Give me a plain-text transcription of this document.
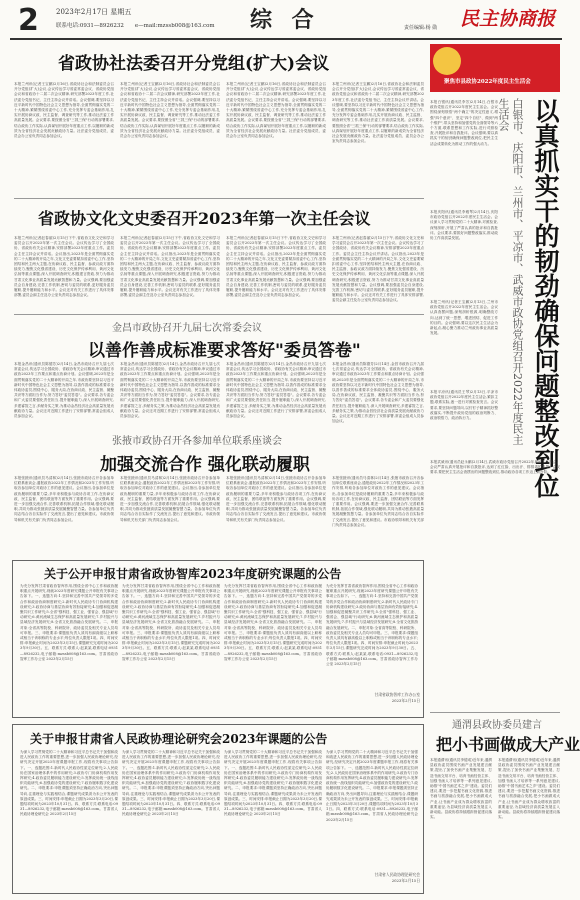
2 2023年2月17日 星期五
联系电话:0931—8926232　　e—mail:mzssb008@163.com 综 合	责任编辑:杨 勋 民主协商报
省政协社法委召开分党组(扩大)会议
本报兰州讯(记者王宝鹏)2月16日,省政协社会和法制委员会召开分党组(扩大)会议,会议传达学习省委常委会议、省政协党组会议和省政协十二届二次会议精神,研究部署2023年度工作,社法委分党组书记、主任主持会议并讲话。会议强调,要坚持以习近平新时代中国特色社会主义思想为指导,全面贯彻落实党的二十大精神,紧紧围绕省委中心工作,充分发挥专委会基础作用,扎实开展协商议政、民主监督、调查研究等工作,推动社法委工作高质量发展。会议要求,要按照全省"三抓三保"行动的部署要求,结合政协工作实际,认真谋划开展好年度重点工作,以履职的新成效为全省经济社会发展贡献政协力量。社法委分党组成员、委员会办公室负责同志参加会议。
本报兰州讯(记者王宝鹏)2月16日,省政协社会和法制委员会召开分党组(扩大)会议,会议传达学习省委常委会议、省政协党组会议和省政协十二届二次会议精神,研究部署2023年度工作,社法委分党组书记、主任主持会议并讲话。会议强调,要坚持以习近平新时代中国特色社会主义思想为指导,全面贯彻落实党的二十大精神,紧紧围绕省委中心工作,充分发挥专委会基础作用,扎实开展协商议政、民主监督、调查研究等工作,推动社法委工作高质量发展。会议要求,要按照全省"三抓三保"行动的部署要求,结合政协工作实际,认真谋划开展好年度重点工作,以履职的新成效为全省经济社会发展贡献政协力量。社法委分党组成员、委员会办公室负责同志参加会议。
本报兰州讯(记者王宝鹏)2月16日,省政协社会和法制委员会召开分党组(扩大)会议,会议传达学习省委常委会议、省政协党组会议和省政协十二届二次会议精神,研究部署2023年度工作,社法委分党组书记、主任主持会议并讲话。会议强调,要坚持以习近平新时代中国特色社会主义思想为指导,全面贯彻落实党的二十大精神,紧紧围绕省委中心工作,充分发挥专委会基础作用,扎实开展协商议政、民主监督、调查研究等工作,推动社法委工作高质量发展。会议要求,要按照全省"三抓三保"行动的部署要求,结合政协工作实际,认真谋划开展好年度重点工作,以履职的新成效为全省经济社会发展贡献政协力量。社法委分党组成员、委员会办公室负责同志参加会议。
本报兰州讯(记者王宝鹏)2月16日,省政协社会和法制委员会召开分党组(扩大)会议,会议传达学习省委常委会议、省政协党组会议和省政协十二届二次会议精神,研究部署2023年度工作,社法委分党组书记、主任主持会议并讲话。会议强调,要坚持以习近平新时代中国特色社会主义思想为指导,全面贯彻落实党的二十大精神,紧紧围绕省委中心工作,充分发挥专委会基础作用,扎实开展协商议政、民主监督、调查研究等工作,推动社法委工作高质量发展。会议要求,要按照全省"三抓三保"行动的部署要求,结合政协工作实际,认真谋划开展好年度重点工作,以履职的新成效为全省经济社会发展贡献政协力量。社法委分党组成员、委员会办公室负责同志参加会议。
聚焦市县政协2022年度民主生活会
以真抓实干的韧劲确保问题整改到位
白银市、庆阳市、兰州市、平凉市、武威市政协党组召开2022年度民主生活会
本报白银讯(通讯员李芳)2月14日,白银市政协党组召开2022年度民主生活会。会议围绕深刻领悟"两个确立"的决定性意义,增强"四个意识"、坚定"四个自信"、做到"两个维护",带头坚持和加强党的全面领导等六个方面,联系思想和工作实际,进行对照检查,开展批评和自我批评。会议强调,要以真抓实干的韧劲确保问题整改到位,把民主生活会成果转化为推动工作的强大动力。
本报庆阳讯(通讯员李雅琴)2月14日,庆阳市政协党组召开2022年度民主生活会。会议深入学习贯彻党的二十大精神,对照检查,深刻剖析,开展了严肃认真的批评和自我批评。会议要求,要抓好问题整改落实,推动政协工作高质量发展。
本报兰州讯(记者王宝鹏)2月13日,兰州市政协党组召开2022年度民主生活会。会议认真查摆问题,深刻剖析根源,明确整改方向,达到了统一思想、增进团结、促进工作的目的。会议强调,要以这次民主生活会为新起点,凝心聚力推动兰州政协事业高质量发展。
本报平凉讯(通讯员王琴)2月13日,平凉市政协党组召开2022年度民主生活会,紧扣主题,联系实际,逐一进行对照检查发言。会议要求,要坚持问题导向,以钉钉子精神抓好整改落实,不断提升政协党组的政治判断力、政治领悟力、政治执行力。
本报武威讯(通讯员赵永鹏)2月14日,武威市政协党组召开2022年度民主生活会。会议严肃认真开展批评和自我批评,达到了红红脸、出出汗、排排毒的效果。会议要求,要把民主生活会查摆出的问题整改到位,推动政协各项工作迈上新台阶。
省政协文化文史委召开2023年第一次主任会议
本报兰州讯(记者赵春丽)2月15日下午,省政协文化文史和学习委员会召开2023年第一次主任会议。会议传达学习了全国政协、省政协有关会议精神,安排部署2023年度重点工作。委员会主任主持会议并讲话。会议指出,2023年是全面贯彻落实党的二十大精神的开局之年,文化文史委要紧扣省委中心工作,坚持团结和民主两大主题,在协商议政、民主监督、参政议政方面持续发力,聚焦文化强省建设、历史文化保护传承利用、黄河文化弘扬等重点课题,深入开展调查研究,积极建言资政,努力为推动甘肃文化事业高质量发展贡献智慧和力量。会议强调,要加强委员会自身建设,完善工作机制,密切与委员的联系,更好服务委员履职,提升履职能力和水平。会议还对有关工作进行了具体安排部署,委员会副主任及办公室负责同志参加会议。
本报兰州讯(记者赵春丽)2月15日下午,省政协文化文史和学习委员会召开2023年第一次主任会议。会议传达学习了全国政协、省政协有关会议精神,安排部署2023年度重点工作。委员会主任主持会议并讲话。会议指出,2023年是全面贯彻落实党的二十大精神的开局之年,文化文史委要紧扣省委中心工作,坚持团结和民主两大主题,在协商议政、民主监督、参政议政方面持续发力,聚焦文化强省建设、历史文化保护传承利用、黄河文化弘扬等重点课题,深入开展调查研究,积极建言资政,努力为推动甘肃文化事业高质量发展贡献智慧和力量。会议强调,要加强委员会自身建设,完善工作机制,密切与委员的联系,更好服务委员履职,提升履职能力和水平。会议还对有关工作进行了具体安排部署,委员会副主任及办公室负责同志参加会议。
本报兰州讯(记者赵春丽)2月15日下午,省政协文化文史和学习委员会召开2023年第一次主任会议。会议传达学习了全国政协、省政协有关会议精神,安排部署2023年度重点工作。委员会主任主持会议并讲话。会议指出,2023年是全面贯彻落实党的二十大精神的开局之年,文化文史委要紧扣省委中心工作,坚持团结和民主两大主题,在协商议政、民主监督、参政议政方面持续发力,聚焦文化强省建设、历史文化保护传承利用、黄河文化弘扬等重点课题,深入开展调查研究,积极建言资政,努力为推动甘肃文化事业高质量发展贡献智慧和力量。会议强调,要加强委员会自身建设,完善工作机制,密切与委员的联系,更好服务委员履职,提升履职能力和水平。会议还对有关工作进行了具体安排部署,委员会副主任及办公室负责同志参加会议。
本报兰州讯(记者赵春丽)2月15日下午,省政协文化文史和学习委员会召开2023年第一次主任会议。会议传达学习了全国政协、省政协有关会议精神,安排部署2023年度重点工作。委员会主任主持会议并讲话。会议指出,2023年是全面贯彻落实党的二十大精神的开局之年,文化文史委要紧扣省委中心工作,坚持团结和民主两大主题,在协商议政、民主监督、参政议政方面持续发力,聚焦文化强省建设、历史文化保护传承利用、黄河文化弘扬等重点课题,深入开展调查研究,积极建言资政,努力为推动甘肃文化事业高质量发展贡献智慧和力量。会议强调,要加强委员会自身建设,完善工作机制,密切与委员的联系,更好服务委员履职,提升履职能力和水平。会议还对有关工作进行了具体安排部署,委员会副主任及办公室负责同志参加会议。
金昌市政协召开九届七次常委会议
以善作善成标准要求答好"委员答卷"
本报金昌讯(通讯员陈德芳)2月14日,金昌市政协召开九届七次常委会议,传达学习全国政协、省政协有关会议精神,审议通过市政协2023年工作要点和重点协商计划。会议强调,2023年是全面贯彻落实党的二十大精神的开局之年,市政协要坚持以习近平新时代中国特色社会主义思想为指导,以善作善成的标准要求全体政协委员,围绕中心、服务大局,在协商议政、民主监督、凝聚共识等方面担当作为,努力答好"委员答卷"。会议要求,各专委会和广大委员要强化责任担当,提升履职能力,深入开展调查研究,多建睿智之言,多献务实之策,为推动金昌经济社会高质量发展贡献政协力量。会议还对近期工作进行了安排部署,常委会组成人员参加会议。
本报金昌讯(通讯员陈德芳)2月14日,金昌市政协召开九届七次常委会议,传达学习全国政协、省政协有关会议精神,审议通过市政协2023年工作要点和重点协商计划。会议强调,2023年是全面贯彻落实党的二十大精神的开局之年,市政协要坚持以习近平新时代中国特色社会主义思想为指导,以善作善成的标准要求全体政协委员,围绕中心、服务大局,在协商议政、民主监督、凝聚共识等方面担当作为,努力答好"委员答卷"。会议要求,各专委会和广大委员要强化责任担当,提升履职能力,深入开展调查研究,多建睿智之言,多献务实之策,为推动金昌经济社会高质量发展贡献政协力量。会议还对近期工作进行了安排部署,常委会组成人员参加会议。
本报金昌讯(通讯员陈德芳)2月14日,金昌市政协召开九届七次常委会议,传达学习全国政协、省政协有关会议精神,审议通过市政协2023年工作要点和重点协商计划。会议强调,2023年是全面贯彻落实党的二十大精神的开局之年,市政协要坚持以习近平新时代中国特色社会主义思想为指导,以善作善成的标准要求全体政协委员,围绕中心、服务大局,在协商议政、民主监督、凝聚共识等方面担当作为,努力答好"委员答卷"。会议要求,各专委会和广大委员要强化责任担当,提升履职能力,深入开展调查研究,多建睿智之言,多献务实之策,为推动金昌经济社会高质量发展贡献政协力量。会议还对近期工作进行了安排部署,常委会组成人员参加会议。
本报金昌讯(通讯员陈德芳)2月14日,金昌市政协召开九届七次常委会议,传达学习全国政协、省政协有关会议精神,审议通过市政协2023年工作要点和重点协商计划。会议强调,2023年是全面贯彻落实党的二十大精神的开局之年,市政协要坚持以习近平新时代中国特色社会主义思想为指导,以善作善成的标准要求全体政协委员,围绕中心、服务大局,在协商议政、民主监督、凝聚共识等方面担当作为,努力答好"委员答卷"。会议要求,各专委会和广大委员要强化责任担当,提升履职能力,深入开展调查研究,多建睿智之言,多献务实之策,为推动金昌经济社会高质量发展贡献政协力量。会议还对近期工作进行了安排部署,常委会组成人员参加会议。
张掖市政协召开各参加单位联系座谈会
加强交流合作 强化联动履职
本报张掖讯(通讯员马清林)2月14日,张掖市政协召开各参加单位联系座谈会,通报政协2022年工作情况和2023年工作安排,听取各参加单位对政协工作的意见建议。会议指出,各参加单位是政协履职的重要力量,多年来积极参与政协各项工作,在协商议政、民主监督、团结联谊等方面发挥了重要作用。会议强调,要进一步加强交流合作,完善联系机制,拓展合作领域,强化联动履职,共同为推动张掖高质量发展凝聚智慧力量。各参加单位负责同志结合各自实际作了交流发言,提出了意见和建议。市政协领导和机关有关部门负责同志参加会议。
本报张掖讯(通讯员马清林)2月14日,张掖市政协召开各参加单位联系座谈会,通报政协2022年工作情况和2023年工作安排,听取各参加单位对政协工作的意见建议。会议指出,各参加单位是政协履职的重要力量,多年来积极参与政协各项工作,在协商议政、民主监督、团结联谊等方面发挥了重要作用。会议强调,要进一步加强交流合作,完善联系机制,拓展合作领域,强化联动履职,共同为推动张掖高质量发展凝聚智慧力量。各参加单位负责同志结合各自实际作了交流发言,提出了意见和建议。市政协领导和机关有关部门负责同志参加会议。
本报张掖讯(通讯员马清林)2月14日,张掖市政协召开各参加单位联系座谈会,通报政协2022年工作情况和2023年工作安排,听取各参加单位对政协工作的意见建议。会议指出,各参加单位是政协履职的重要力量,多年来积极参与政协各项工作,在协商议政、民主监督、团结联谊等方面发挥了重要作用。会议强调,要进一步加强交流合作,完善联系机制,拓展合作领域,强化联动履职,共同为推动张掖高质量发展凝聚智慧力量。各参加单位负责同志结合各自实际作了交流发言,提出了意见和建议。市政协领导和机关有关部门负责同志参加会议。
本报张掖讯(通讯员马清林)2月14日,张掖市政协召开各参加单位联系座谈会,通报政协2022年工作情况和2023年工作安排,听取各参加单位对政协工作的意见建议。会议指出,各参加单位是政协履职的重要力量,多年来积极参与政协各项工作,在协商议政、民主监督、团结联谊等方面发挥了重要作用。会议强调,要进一步加强交流合作,完善联系机制,拓展合作领域,强化联动履职,共同为推动张掖高质量发展凝聚智慧力量。各参加单位负责同志结合各自实际作了交流发言,提出了意见和建议。市政协领导和机关有关部门负责同志参加会议。
关于公开申报甘肃省政协智库2023年度研究课题的公告
为充分发挥甘肃省政协智库作用,围绕全省中心工作和政协履职重点开展研究,现就2023年度研究课题公开申报有关事项公告如下。一、选题方向:1.坚持和完善中国共产党领导的多党合作和政治协商制度研究;2.新时代人民政协专门协商机构建设研究;3.政协协商与基层协商有效衔接研究;4.加强和促进凝聚共识工作研究;5.全省"强科技、强工业、强省会、强县域"行动研究;6.黄河流域生态保护和高质量发展研究;7.乡村振兴与县域经济发展研究;8.全省文化旅游融合发展研究。二、申报对象:全省高等院校、科研院所、政协委员及相关专业人员均可申报。三、申报要求:课题组负责人须具有副高级以上职称或相当于该职称的专业水平;每位负责人限报1项。四、时间安排:申报截止时间为2023年3月15日,课题研究完成时间为2023年9月30日。五、联系方式:联系人:赵某某,联系电话:0931—8926232,电子邮箱:mzssb008@163.com。甘肃省政协智库工作办公室 2023年2月15日
为充分发挥甘肃省政协智库作用,围绕全省中心工作和政协履职重点开展研究,现就2023年度研究课题公开申报有关事项公告如下。一、选题方向:1.坚持和完善中国共产党领导的多党合作和政治协商制度研究;2.新时代人民政协专门协商机构建设研究;3.政协协商与基层协商有效衔接研究;4.加强和促进凝聚共识工作研究;5.全省"强科技、强工业、强省会、强县域"行动研究;6.黄河流域生态保护和高质量发展研究;7.乡村振兴与县域经济发展研究;8.全省文化旅游融合发展研究。二、申报对象:全省高等院校、科研院所、政协委员及相关专业人员均可申报。三、申报要求:课题组负责人须具有副高级以上职称或相当于该职称的专业水平;每位负责人限报1项。四、时间安排:申报截止时间为2023年3月15日,课题研究完成时间为2023年9月30日。五、联系方式:联系人:赵某某,联系电话:0931—8926232,电子邮箱:mzssb008@163.com。甘肃省政协智库工作办公室 2023年2月15日
为充分发挥甘肃省政协智库作用,围绕全省中心工作和政协履职重点开展研究,现就2023年度研究课题公开申报有关事项公告如下。一、选题方向:1.坚持和完善中国共产党领导的多党合作和政治协商制度研究;2.新时代人民政协专门协商机构建设研究;3.政协协商与基层协商有效衔接研究;4.加强和促进凝聚共识工作研究;5.全省"强科技、强工业、强省会、强县域"行动研究;6.黄河流域生态保护和高质量发展研究;7.乡村振兴与县域经济发展研究;8.全省文化旅游融合发展研究。二、申报对象:全省高等院校、科研院所、政协委员及相关专业人员均可申报。三、申报要求:课题组负责人须具有副高级以上职称或相当于该职称的专业水平;每位负责人限报1项。四、时间安排:申报截止时间为2023年3月15日,课题研究完成时间为2023年9月30日。五、联系方式:联系人:赵某某,联系电话:0931—8926232,电子邮箱:mzssb008@163.com。甘肃省政协智库工作办公室 2023年2月15日
为充分发挥甘肃省政协智库作用,围绕全省中心工作和政协履职重点开展研究,现就2023年度研究课题公开申报有关事项公告如下。一、选题方向:1.坚持和完善中国共产党领导的多党合作和政治协商制度研究;2.新时代人民政协专门协商机构建设研究;3.政协协商与基层协商有效衔接研究;4.加强和促进凝聚共识工作研究;5.全省"强科技、强工业、强省会、强县域"行动研究;6.黄河流域生态保护和高质量发展研究;7.乡村振兴与县域经济发展研究;8.全省文化旅游融合发展研究。二、申报对象:全省高等院校、科研院所、政协委员及相关专业人员均可申报。三、申报要求:课题组负责人须具有副高级以上职称或相当于该职称的专业水平;每位负责人限报1项。四、时间安排:申报截止时间为2023年3月15日,课题研究完成时间为2023年9月30日。五、联系方式:联系人:赵某某,联系电话:0931—8926232,电子邮箱:mzssb008@163.com。甘肃省政协智库工作办公室 2023年2月15日
甘肃省政协智库工作办公室
2023年2月15日
关于申报甘肃省人民政协理论研究会2023年课题的公告
为深入学习贯彻党的二十大精神和习近平总书记关于加强和改进人民政协工作的重要思想,进一步加强人民政协理论研究,经研究决定开展2023年度课题申报工作,现将有关事项公告如下。一、选题范围:1.新时代人民政协性质定位研究;2.人民政协在国家治理体系中的作用研究;3.政协专门协商机构作用发挥研究;4.政协委员履职能力建设研究;5.发挥政协统一战线组织功能研究;6.加强政协党的建设研究;7.政协履职数字化建设研究。二、申报要求:申报课题须坚持正确政治方向,突出问题导向,注重理论与实践相结合,课题研究成果须为未公开发表的原创成果。三、时间安排:申报截止日期为2023年3月20日,课题结项时间为2023年10月31日。四、联系方式:联系电话:0931—8926232,电子邮箱:mzssb008@163.com。甘肃省人民政协理论研究会 2023年2月15日
为深入学习贯彻党的二十大精神和习近平总书记关于加强和改进人民政协工作的重要思想,进一步加强人民政协理论研究,经研究决定开展2023年度课题申报工作,现将有关事项公告如下。一、选题范围:1.新时代人民政协性质定位研究;2.人民政协在国家治理体系中的作用研究;3.政协专门协商机构作用发挥研究;4.政协委员履职能力建设研究;5.发挥政协统一战线组织功能研究;6.加强政协党的建设研究;7.政协履职数字化建设研究。二、申报要求:申报课题须坚持正确政治方向,突出问题导向,注重理论与实践相结合,课题研究成果须为未公开发表的原创成果。三、时间安排:申报截止日期为2023年3月20日,课题结项时间为2023年10月31日。四、联系方式:联系电话:0931—8926232,电子邮箱:mzssb008@163.com。甘肃省人民政协理论研究会 2023年2月15日
为深入学习贯彻党的二十大精神和习近平总书记关于加强和改进人民政协工作的重要思想,进一步加强人民政协理论研究,经研究决定开展2023年度课题申报工作,现将有关事项公告如下。一、选题范围:1.新时代人民政协性质定位研究;2.人民政协在国家治理体系中的作用研究;3.政协专门协商机构作用发挥研究;4.政协委员履职能力建设研究;5.发挥政协统一战线组织功能研究;6.加强政协党的建设研究;7.政协履职数字化建设研究。二、申报要求:申报课题须坚持正确政治方向,突出问题导向,注重理论与实践相结合,课题研究成果须为未公开发表的原创成果。三、时间安排:申报截止日期为2023年3月20日,课题结项时间为2023年10月31日。四、联系方式:联系电话:0931—8926232,电子邮箱:mzssb008@163.com。甘肃省人民政协理论研究会 2023年2月15日
为深入学习贯彻党的二十大精神和习近平总书记关于加强和改进人民政协工作的重要思想,进一步加强人民政协理论研究,经研究决定开展2023年度课题申报工作,现将有关事项公告如下。一、选题范围:1.新时代人民政协性质定位研究;2.人民政协在国家治理体系中的作用研究;3.政协专门协商机构作用发挥研究;4.政协委员履职能力建设研究;5.发挥政协统一战线组织功能研究;6.加强政协党的建设研究;7.政协履职数字化建设研究。二、申报要求:申报课题须坚持正确政治方向,突出问题导向,注重理论与实践相结合,课题研究成果须为未公开发表的原创成果。三、时间安排:申报截止日期为2023年3月20日,课题结项时间为2023年10月31日。四、联系方式:联系电话:0931—8926232,电子邮箱:mzssb008@163.com。甘肃省人民政协理论研究会 2023年2月15日
甘肃省人民政协理论研究会
2023年2月15日
通渭县政协委员建言
把小书画做成大产业
本报通渭讯(通讯员李德成)近年来,通渭县政协委员围绕书画产业发展建言献策,提出了加快书画产业集聚发展、打造书画交易平台、培育书画经营主体、加强书画人才培养等一系列意见建议,助推"中国书画艺术之乡"建设。委员们建议,要进一步挖掘书画文化资源,推进书画与旅游融合发展,把小书画做成大产业,让书画产业成为群众增收致富的重要途径,为县域经济高质量发展注入新动能。县政协将持续跟踪督促建议落实。
本报通渭讯(通讯员李德成)近年来,通渭县政协委员围绕书画产业发展建言献策,提出了加快书画产业集聚发展、打造书画交易平台、培育书画经营主体、加强书画人才培养等一系列意见建议,助推"中国书画艺术之乡"建设。委员们建议,要进一步挖掘书画文化资源,推进书画与旅游融合发展,把小书画做成大产业,让书画产业成为群众增收致富的重要途径,为县域经济高质量发展注入新动能。县政协将持续跟踪督促建议落实。
